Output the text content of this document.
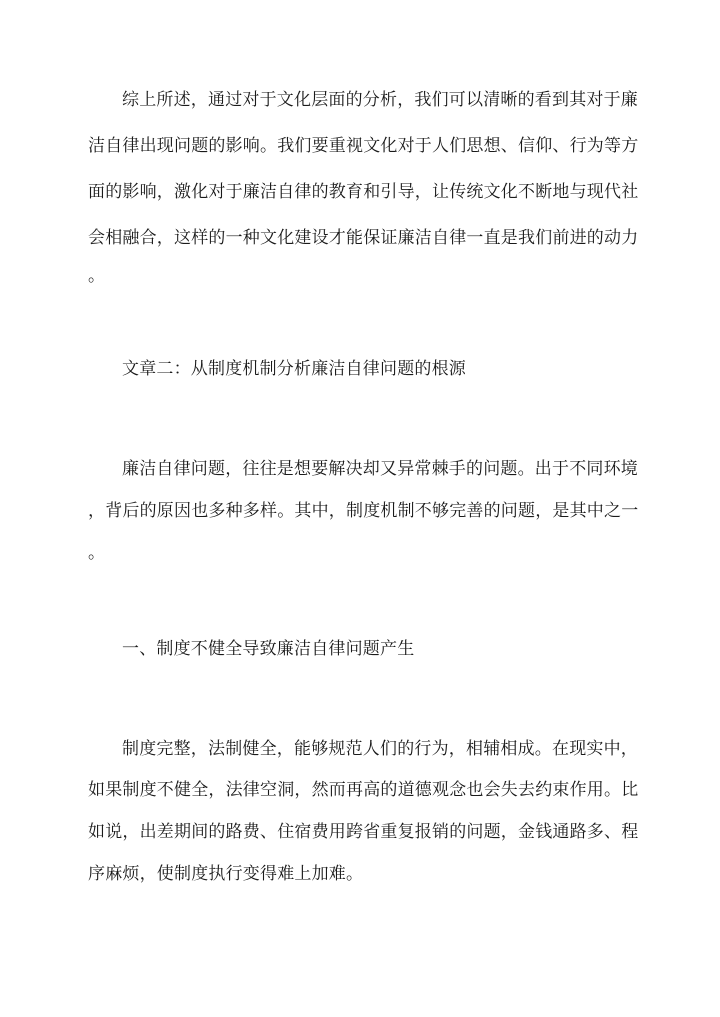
综上所述，通过对于文化层面的分析，我们可以清晰的看到其对于廉
洁自律出现问题的影响。我们要重视文化对于人们思想、信仰、行为等方
面的影响，激化对于廉洁自律的教育和引导，让传统文化不断地与现代社
会相融合，这样的一种文化建设才能保证廉洁自律一直是我们前进的动力
。
文章二：从制度机制分析廉洁自律问题的根源
廉洁自律问题，往往是想要解决却又异常棘手的问题。出于不同环境
，背后的原因也多种多样。其中，制度机制不够完善的问题，是其中之一
。
一、制度不健全导致廉洁自律问题产生
制度完整，法制健全，能够规范人们的行为，相辅相成。在现实中，
如果制度不健全，法律空洞，然而再高的道德观念也会失去约束作用。比
如说，出差期间的路费、住宿费用跨省重复报销的问题，金钱通路多、程
序麻烦，使制度执行变得难上加难。
